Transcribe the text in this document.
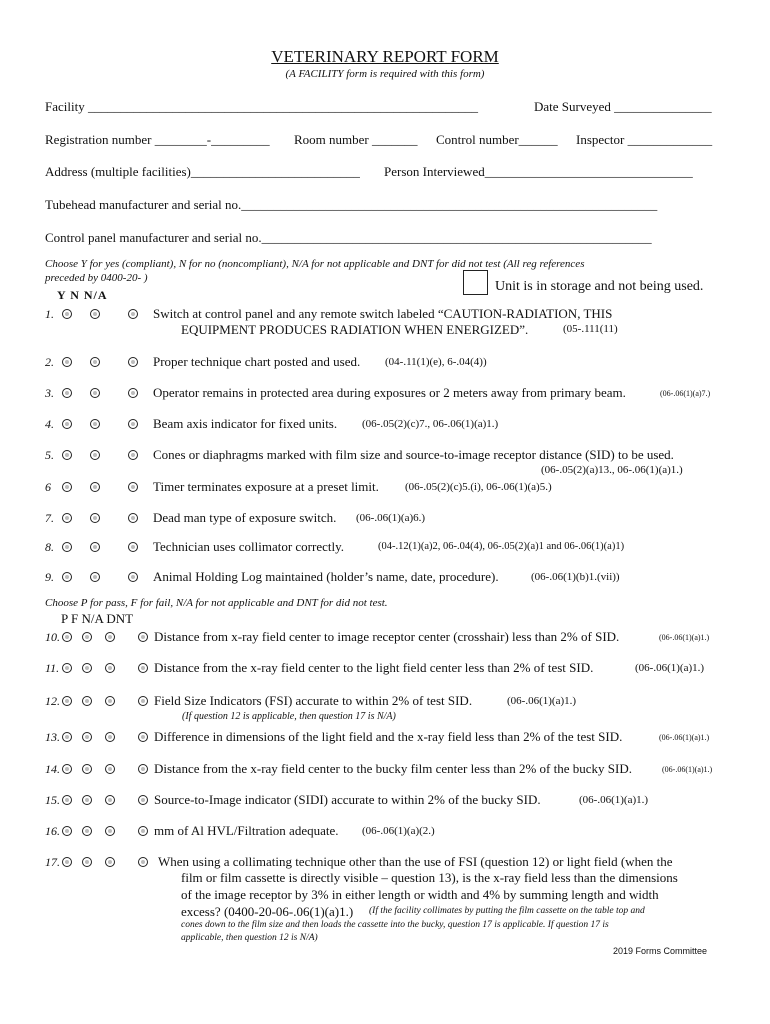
VETERINARY REPORT FORM
(A FACILITY form is required with this form)
Facility ____________________________________________________________	Date Surveyed _______________
Registration number ________-_________ Room number _______ Control number______ Inspector _____________
Address (multiple facilities)__________________________ Person Interviewed________________________________
Tubehead manufacturer and serial no.________________________________________________________________
Control panel manufacturer and serial no.____________________________________________________________
Choose Y for yes (compliant), N for no (noncompliant), N/A for not applicable and DNT for did not test (All reg references
preceded by 0400-20- )
Y N N/A
Unit is in storage and not being used.
1.	Switch at control panel and any remote switch labeled “CAUTION-RADIATION, THIS
EQUIPMENT PRODUCES RADIATION WHEN ENERGIZED”.	(05-.111(11)
2.	Proper technique chart posted and used. (04-.11(1)(e), 6-.04(4))
3.	Operator remains in protected area during exposures or 2 meters away from primary beam.	(06-.06(1)(a)7.)
4.	Beam axis indicator for fixed units. (06-.05(2)(c)7., 06-.06(1)(a)1.)
5.	Cones or diaphragms marked with film size and source-to-image receptor distance (SID) to be used.
(06-.05(2)(a)13., 06-.06(1)(a)1.)
6	Timer terminates exposure at a preset limit. (06-.05(2)(c)5.(i), 06-.06(1)(a)5.)
7.	Dead man type of exposure switch. (06-.06(1)(a)6.)
8.	Technician uses collimator correctly.	(04-.12(1)(a)2, 06-.04(4), 06-.05(2)(a)1 and 06-.06(1)(a)1)
9.	Animal Holding Log maintained (holder’s name, date, procedure).	(06-.06(1)(b)1.(vii))
Choose P for pass, F for fail, N/A for not applicable and DNT for did not test.
P F N/A DNT
10.	Distance from x-ray field center to image receptor center (crosshair) less than 2% of SID.	(06-.06(1)(a)1.)
11.	Distance from the x-ray field center to the light field center less than 2% of test SID.	(06-.06(1)(a)1.)
12.	Field Size Indicators (FSI) accurate to within 2% of test SID.	(06-.06(1)(a)1.)
(If question 12 is applicable, then question 17 is N/A)
13.	Difference in dimensions of the light field and the x-ray field less than 2% of the test SID.	(06-.06(1)(a)1.)
14.	Distance from the x-ray field center to the bucky film center less than 2% of the bucky SID.	(06-.06(1)(a)1.)
15.	Source-to-Image indicator (SIDI) accurate to within 2% of the bucky SID.	(06-.06(1)(a)1.)
16.	mm of Al HVL/Filtration adequate. (06-.06(1)(a)(2.)
17.	When using a collimating technique other than the use of FSI (question 12) or light field (when the
film or film cassette is directly visible – question 13), is the x-ray field less than the dimensions
of the image receptor by 3% in either length or width and 4% by summing length and width
excess? (0400-20-06-.06(1)(a)1.) (If the facility collimates by putting the film cassette on the table top and
cones down to the film size and then loads the cassette into the bucky, question 17 is applicable. If question 17 is
applicable, then question 12 is N/A)
2019 Forms Committee
